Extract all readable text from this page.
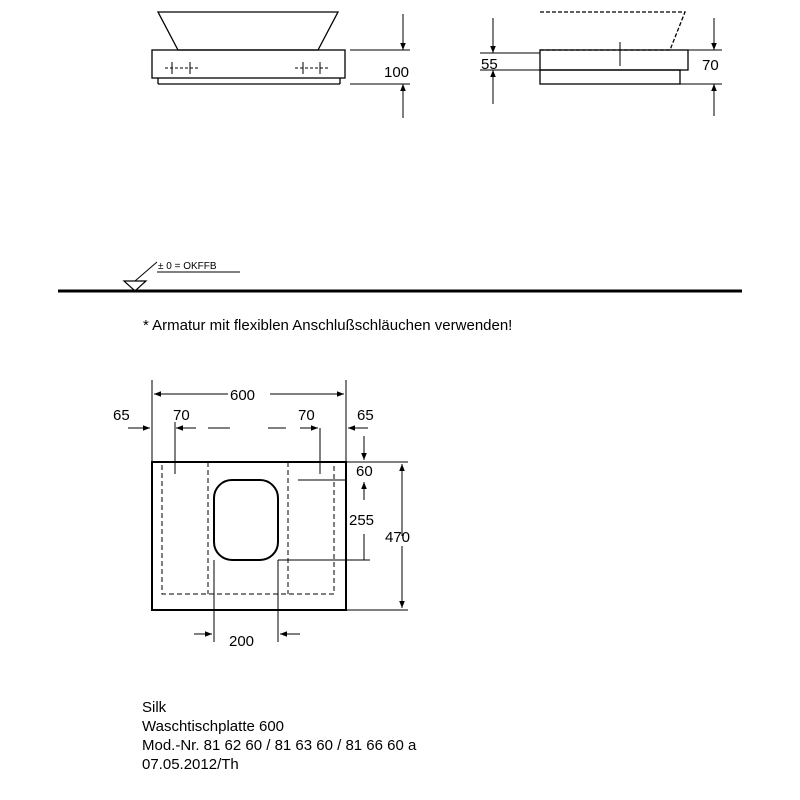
100	55	70
± 0 = OKFFB
* Armatur mit flexiblen Anschlußschläuchen verwenden!
600
65	70	70	65
60
255
470
200
Silk
Waschtischplatte 600
Mod.-Nr. 81 62 60 / 81 63 60 / 81 66 60 a
07.05.2012/Th
